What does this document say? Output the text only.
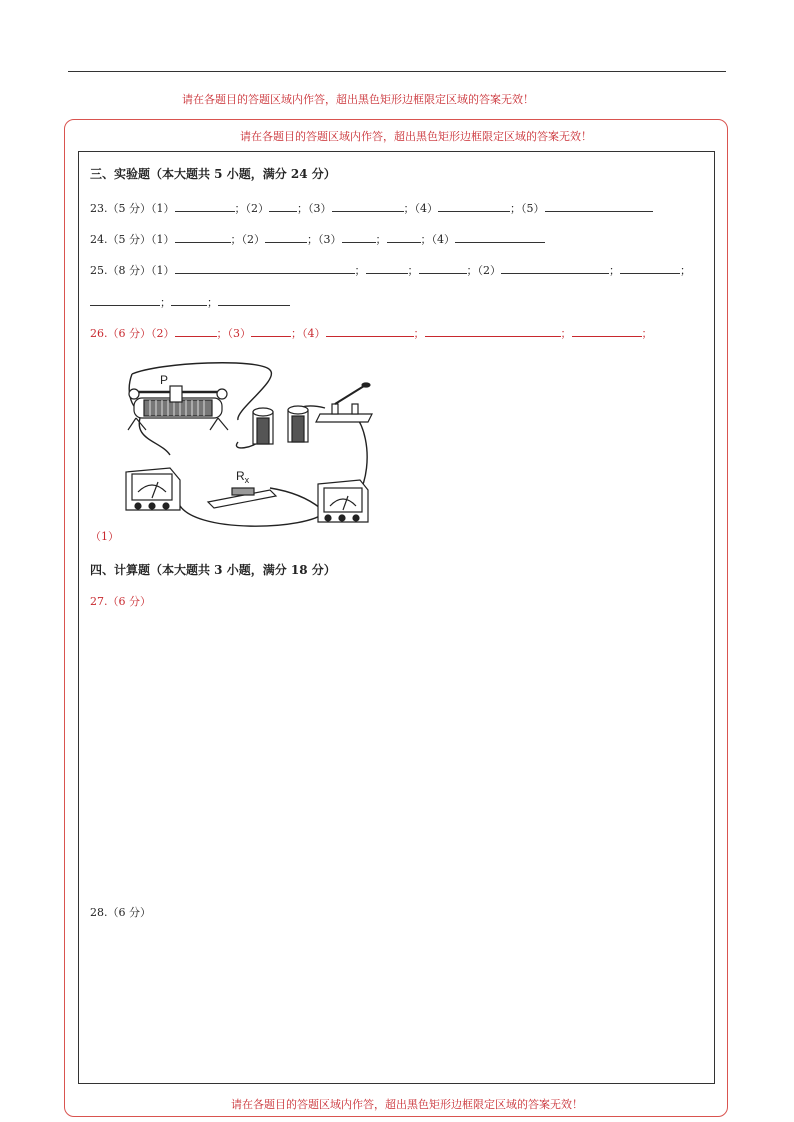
请在各题目的答题区域内作答，超出黑色矩形边框限定区域的答案无效！
请在各题目的答题区域内作答，超出黑色矩形边框限定区域的答案无效！
请在各题目的答题区域内作答，超出黑色矩形边框限定区域的答案无效！
三、实验题（本大题共 5 小题，满分 24 分）
23.（5 分）（1）	；（2）	；（3）	；（4）	；（5）
24.（5 分）（1）	；（2）	；（3）	；	；（4）
25.（8 分）（1）	；	；	；（2）	；	；
；	；
26.（6 分）（2）	；（3）	；（4）	；	；	；
P
$R_x$
（1）
四、计算题（本大题共 3 小题，满分 18 分）
27.（6 分）
28.（6 分）
